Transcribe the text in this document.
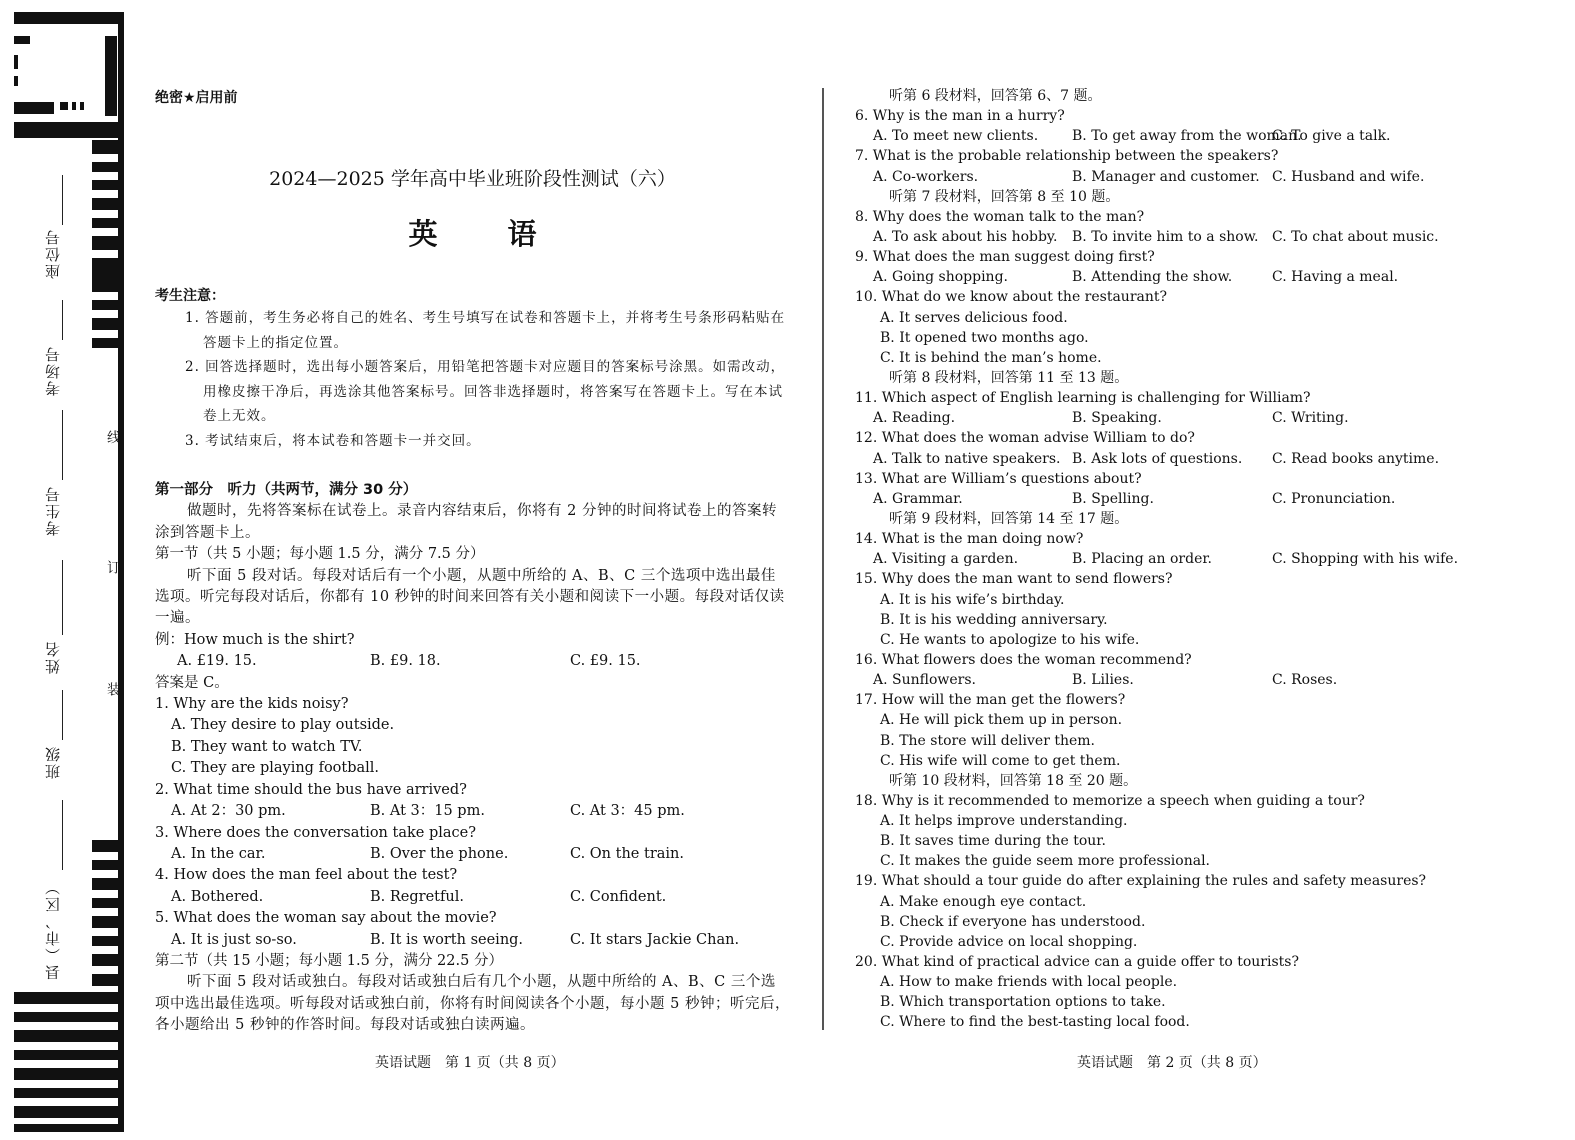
座位号
考场号
考生号
姓名
班级
县（市、区）
线
订
装
绝密★启用前
2024—2025 学年高中毕业班阶段性测试（六）
英 语
考生注意：
1. 答题前，考生务必将自己的姓名、考生号填写在试卷和答题卡上，并将考生号条形码粘贴在答题卡上的指定位置。
2. 回答选择题时，选出每小题答案后，用铅笔把答题卡对应题目的答案标号涂黑。如需改动，用橡皮擦干净后，再选涂其他答案标号。回答非选择题时，将答案写在答题卡上。写在本试卷上无效。
3. 考试结束后，将本试卷和答题卡一并交回。
第一部分　听力（共两节，满分 30 分）
做题时，先将答案标在试卷上。录音内容结束后，你将有 2 分钟的时间将试卷上的答案转涂到答题卡上。
第一节（共 5 小题；每小题 1.5 分，满分 7.5 分）
听下面 5 段对话。每段对话后有一个小题，从题中所给的 A、B、C 三个选项中选出最佳选项。听完每段对话后，你都有 10 秒钟的时间来回答有关小题和阅读下一小题。每段对话仅读一遍。
例：How much is the shirt?
A. £19. 15.	B. £9. 18.	C. £9. 15.
答案是 C。
1. Why are the kids noisy?
A. They desire to play outside.
B. They want to watch TV.
C. They are playing football.
2. What time should the bus have arrived?
A. At 2：30 pm.	B. At 3：15 pm.	C. At 3：45 pm.
3. Where does the conversation take place?
A. In the car.	B. Over the phone.	C. On the train.
4. How does the man feel about the test?
A. Bothered.	B. Regretful.	C. Confident.
5. What does the woman say about the movie?
A. It is just so-so.	B. It is worth seeing.	C. It stars Jackie Chan.
第二节（共 15 小题；每小题 1.5 分，满分 22.5 分）
听下面 5 段对话或独白。每段对话或独白后有几个小题，从题中所给的 A、B、C 三个选项中选出最佳选项。听每段对话或独白前，你将有时间阅读各个小题，每小题 5 秒钟；听完后，各小题给出 5 秒钟的作答时间。每段对话或独白读两遍。
听第 6 段材料，回答第 6、7 题。
6. Why is the man in a hurry?
A. To meet new clients. B. To get away from the woman.
C. To give a talk.
7. What is the probable relationship between the speakers?
A. Co-workers.	B. Manager and customer. C. Husband and wife.
听第 7 段材料，回答第 8 至 10 题。
8. Why does the woman talk to the man?
A. To ask about his hobby. B. To invite him to a show. C. To chat about music.
9. What does the man suggest doing first?
A. Going shopping.	B. Attending the show.	C. Having a meal.
10. What do we know about the restaurant?
A. It serves delicious food.
B. It opened two months ago.
C. It is behind the man’s home.
听第 8 段材料，回答第 11 至 13 题。
11. Which aspect of English learning is challenging for William?
A. Reading.	B. Speaking.	C. Writing.
12. What does the woman advise William to do?
A. Talk to native speakers. B. Ask lots of questions. C. Read books anytime.
13. What are William’s questions about?
A. Grammar.	B. Spelling.	C. Pronunciation.
听第 9 段材料，回答第 14 至 17 题。
14. What is the man doing now?
A. Visiting a garden.	B. Placing an order.	C. Shopping with his wife.
15. Why does the man want to send flowers?
A. It is his wife’s birthday.
B. It is his wedding anniversary.
C. He wants to apologize to his wife.
16. What flowers does the woman recommend?
A. Sunflowers.	B. Lilies.	C. Roses.
17. How will the man get the flowers?
A. He will pick them up in person.
B. The store will deliver them.
C. His wife will come to get them.
听第 10 段材料，回答第 18 至 20 题。
18. Why is it recommended to memorize a speech when guiding a tour?
A. It helps improve understanding.
B. It saves time during the tour.
C. It makes the guide seem more professional.
19. What should a tour guide do after explaining the rules and safety measures?
A. Make enough eye contact.
B. Check if everyone has understood.
C. Provide advice on local shopping.
20. What kind of practical advice can a guide offer to tourists?
A. How to make friends with local people.
B. Which transportation options to take.
C. Where to find the best-tasting local food.
英语试题　第 1 页（共 8 页）	英语试题　第 2 页（共 8 页）
